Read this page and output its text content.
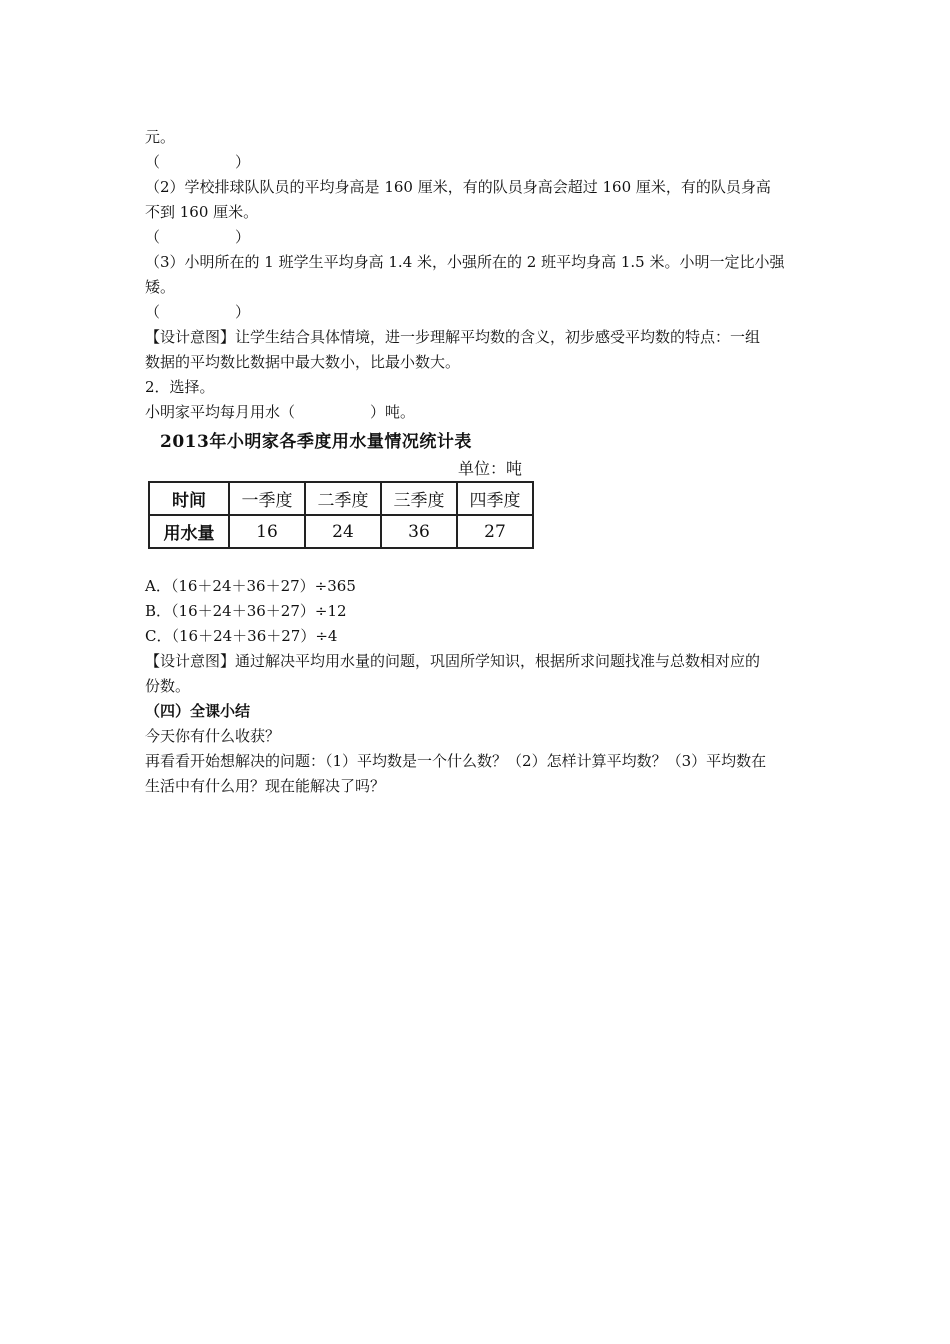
元。
（　　　　　）
（2）学校排球队队员的平均身高是 160 厘米，有的队员身高会超过 160 厘米，有的队员身高
不到 160 厘米。
（　　　　　）
（3）小明所在的 1 班学生平均身高 1.4 米，小强所在的 2 班平均身高 1.5 米。小明一定比小强
矮。
（　　　　　）
【设计意图】让学生结合具体情境，进一步理解平均数的含义，初步感受平均数的特点：一组
数据的平均数比数据中最大数小，比最小数大。
2．选择。
小明家平均每月用水（　　　　　）吨。
2013年小明家各季度用水量情况统计表
单位：吨
时间	一季度	二季度	三季度	四季度
用水量	16	24	36	27
A．（16＋24＋36＋27）÷365
B．（16＋24＋36＋27）÷12
C．（16＋24＋36＋27）÷4
【设计意图】通过解决平均用水量的问题，巩固所学知识，根据所求问题找准与总数相对应的
份数。
（四）全课小结
今天你有什么收获？
再看看开始想解决的问题：（1）平均数是一个什么数？（2）怎样计算平均数？（3）平均数在
生活中有什么用？现在能解决了吗？
